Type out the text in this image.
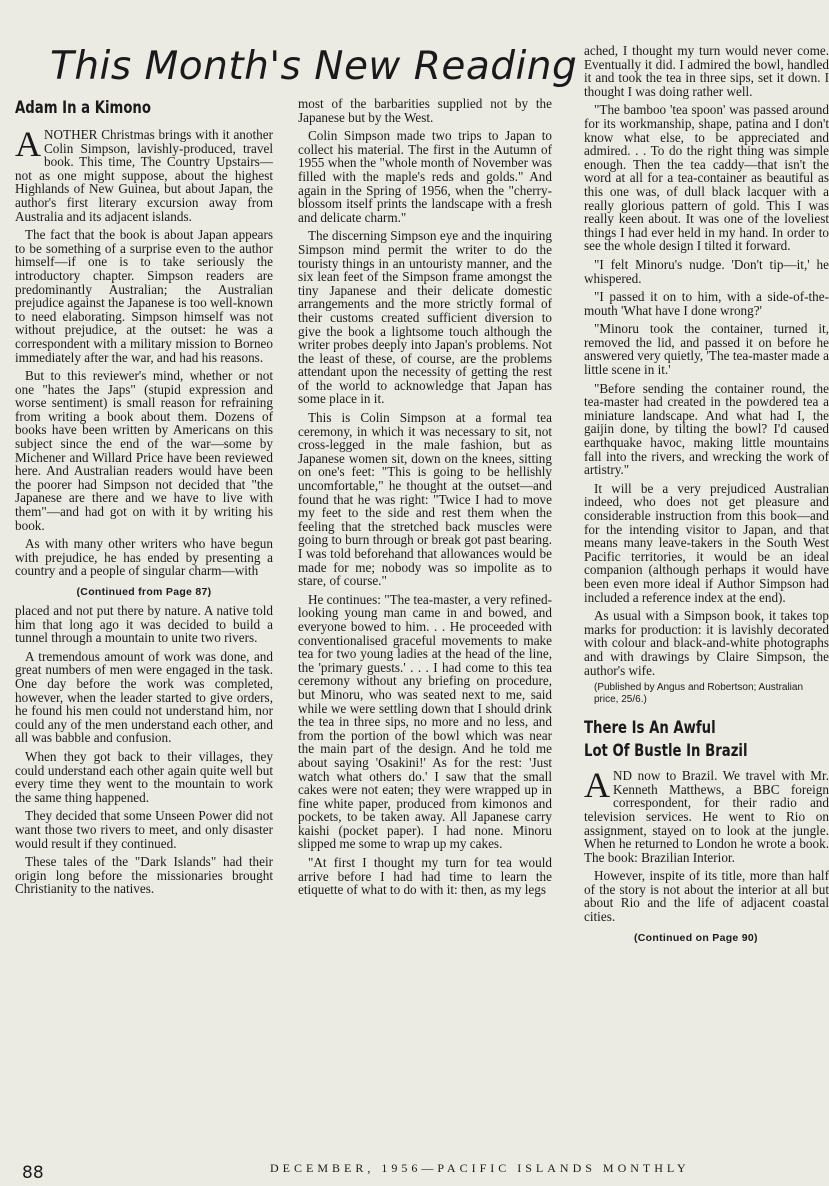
This Month's New Reading
Adam In a Kimono

ANOTHER Christmas brings with it another Colin Simpson, lavishly-produced, travel book. This time, The Country Upstairs—not as one might suppose, about the highest Highlands of New Guinea, but about Japan, the author's first literary excursion away from Australia and its adjacent islands.

The fact that the book is about Japan appears to be something of a surprise even to the author himself—if one is to take seriously the introductory chapter. Simpson readers are predominantly Australian; the Australian prejudice against the Japanese is too well-known to need elaborating. Simpson himself was not without prejudice, at the outset: he was a correspondent with a military mission to Borneo immediately after the war, and had his reasons.

But to this reviewer's mind, whether or not one "hates the Japs" (stupid expression and worse sentiment) is small reason for refraining from writing a book about them. Dozens of books have been written by Americans on this subject since the end of the war—some by Michener and Willard Price have been reviewed here. And Australian readers would have been the poorer had Simpson not decided that "the Japanese are there and we have to live with them"—and had got on with it by writing his book.

As with many other writers who have begun with prejudice, he has ended by presenting a country and a people of singular charm—with

(Continued from Page 87)

placed and not put there by nature. A native told him that long ago it was decided to build a tunnel through a mountain to unite two rivers.

A tremendous amount of work was done, and great numbers of men were engaged in the task. One day before the work was completed, however, when the leader started to give orders, he found his men could not understand him, nor could any of the men understand each other, and all was babble and confusion.

When they got back to their villages, they could understand each other again quite well but every time they went to the mountain to work the same thing happened.

They decided that some Unseen Power did not want those two rivers to meet, and only disaster would result if they continued.

These tales of the "Dark Islands" had their origin long before the missionaries brought Christianity to the natives.

most of the barbarities supplied not by the Japanese but by the West.

Colin Simpson made two trips to Japan to collect his material. The first in the Autumn of 1955 when the "whole month of November was filled with the maple's reds and golds." And again in the Spring of 1956, when the "cherry-blossom itself prints the landscape with a fresh and delicate charm."

The discerning Simpson eye and the inquiring Simpson mind permit the writer to do the touristy things in an untouristy manner, and the six lean feet of the Simpson frame amongst the tiny Japanese and their delicate domestic arrangements and the more strictly formal of their customs created sufficient diversion to give the book a lightsome touch although the writer probes deeply into Japan's problems. Not the least of these, of course, are the problems attendant upon the necessity of getting the rest of the world to acknowledge that Japan has some place in it.

This is Colin Simpson at a formal tea ceremony, in which it was necessary to sit, not cross-legged in the male fashion, but as Japanese women sit, down on the knees, sitting on one's feet: "This is going to be hellishly uncomfortable," he thought at the outset—and found that he was right: "Twice I had to move my feet to the side and rest them when the feeling that the stretched back muscles were going to burn through or break got past bearing. I was told beforehand that allowances would be made for me; nobody was so impolite as to stare, of course."

He continues: "The tea-master, a very refined-looking young man came in and bowed, and everyone bowed to him. . . He proceeded with conventionalised graceful movements to make tea for two young ladies at the head of the line, the 'primary guests.' . . . I had come to this tea ceremony without any briefing on procedure, but Minoru, who was seated next to me, said while we were settling down that I should drink the tea in three sips, no more and no less, and from the portion of the bowl which was near the main part of the design. And he told me about saying 'Osakini!' As for the rest: 'Just watch what others do.' I saw that the small cakes were not eaten; they were wrapped up in fine white paper, produced from kimonos and pockets, to be taken away. All Japanese carry kaishi (pocket paper). I had none. Minoru slipped me some to wrap up my cakes.

"At first I thought my turn for tea would arrive before I had had time to learn the etiquette of what to do with it: then, as my legs

ached, I thought my turn would never come. Eventually it did. I admired the bowl, handled it and took the tea in three sips, set it down. I thought I was doing rather well.

"The bamboo 'tea spoon' was passed around for its workmanship, shape, patina and I don't know what else, to be appreciated and admired. . . To do the right thing was simple enough. Then the tea caddy—that isn't the word at all for a tea-container as beautiful as this one was, of dull black lacquer with a really glorious pattern of gold. This I was really keen about. It was one of the loveliest things I had ever held in my hand. In order to see the whole design I tilted it forward.

"I felt Minoru's nudge. 'Don't tip—it,' he whispered.

"I passed it on to him, with a side-of-the-mouth 'What have I done wrong?'

"Minoru took the container, turned it, removed the lid, and passed it on before he answered very quietly, 'The tea-master made a little scene in it.'

"Before sending the container round, the tea-master had created in the powdered tea a miniature landscape. And what had I, the gaijin done, by tilting the bowl? I'd caused earthquake havoc, making little mountains fall into the rivers, and wrecking the work of artistry."

It will be a very prejudiced Australian indeed, who does not get pleasure and considerable instruction from this book—and for the intending visitor to Japan, and that means many leave-takers in the South West Pacific territories, it would be an ideal companion (although perhaps it would have been even more ideal if Author Simpson had included a reference index at the end).

As usual with a Simpson book, it takes top marks for production: it is lavishly decorated with colour and black-and-white photographs and with drawings by Claire Simpson, the author's wife.

(Published by Angus and Robertson; Australian price, 25/6.)
There Is An Awful
Lot Of Bustle In Brazil

AND now to Brazil. We travel with Mr. Kenneth Matthews, a BBC foreign correspondent, for their radio and television services. He went to Rio on assignment, stayed on to look at the jungle. When he returned to London he wrote a book. The book: Brazilian Interior.

However, inspite of its title, more than half of the story is not about the interior at all but about Rio and the life of adjacent coastal cities.

(Continued on Page 90)
88	DECEMBER, 1956—PACIFIC ISLANDS MONTHLY
